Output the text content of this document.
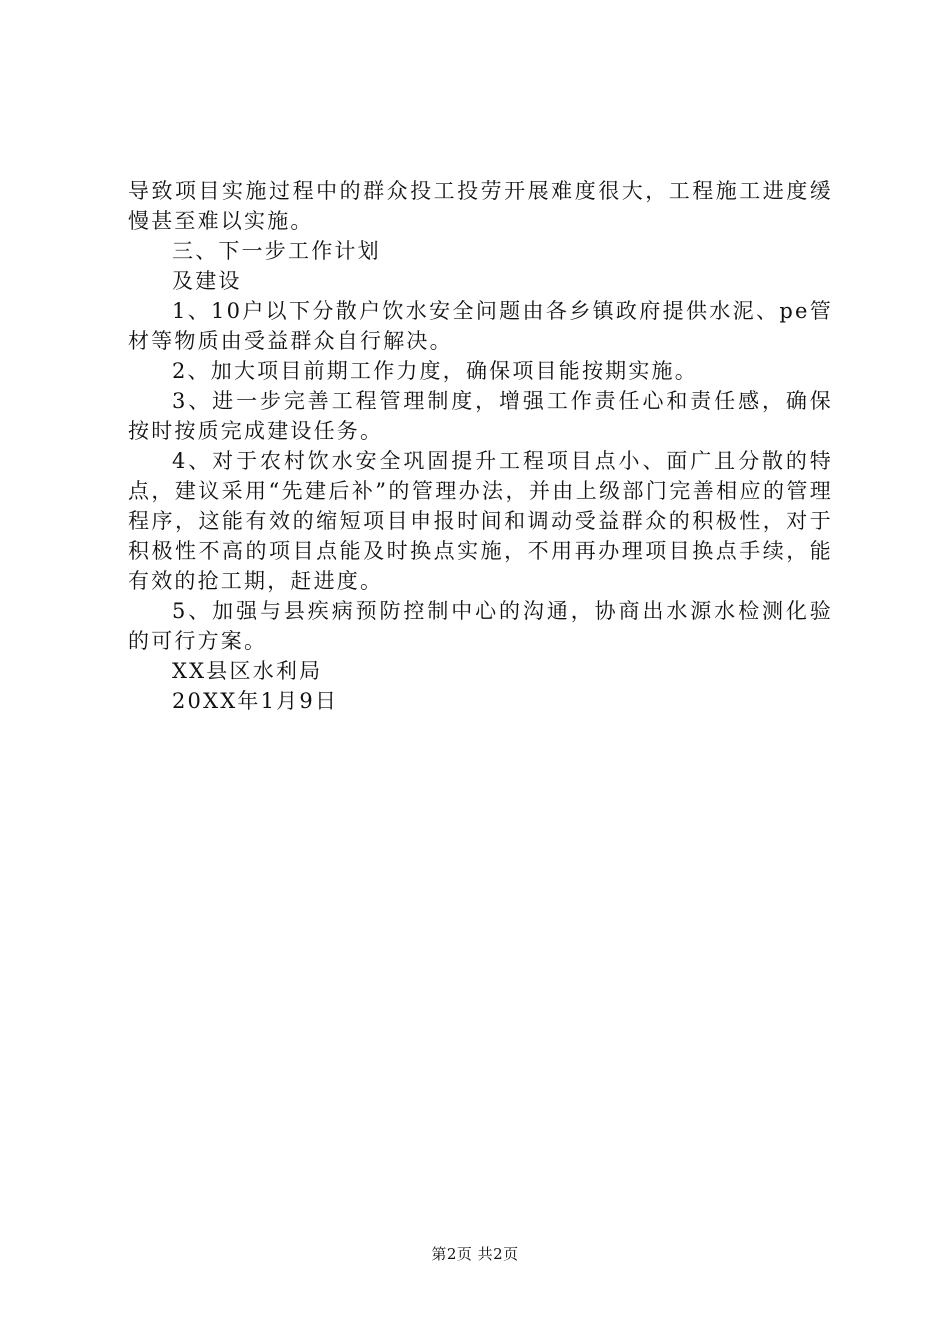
导致项目实施过程中的群众投工投劳开展难度很大，工程施工进度缓慢甚至难以实施。

三、下一步工作计划

及建设

1、10户以下分散户饮水安全问题由各乡镇政府提供水泥、pe管材等物质由受益群众自行解决。

2、加大项目前期工作力度，确保项目能按期实施。

3、进一步完善工程管理制度，增强工作责任心和责任感，确保按时按质完成建设任务。

4、对于农村饮水安全巩固提升工程项目点小、面广且分散的特点，建议采用“先建后补”的管理办法，并由上级部门完善相应的管理程序，这能有效的缩短项目申报时间和调动受益群众的积极性，对于积极性不高的项目点能及时换点实施，不用再办理项目换点手续，能有效的抢工期，赶进度。

5、加强与县疾病预防控制中心的沟通，协商出水源水检测化验的可行方案。

XX县区水利局

20XX年1月9日

第2页 共2页
